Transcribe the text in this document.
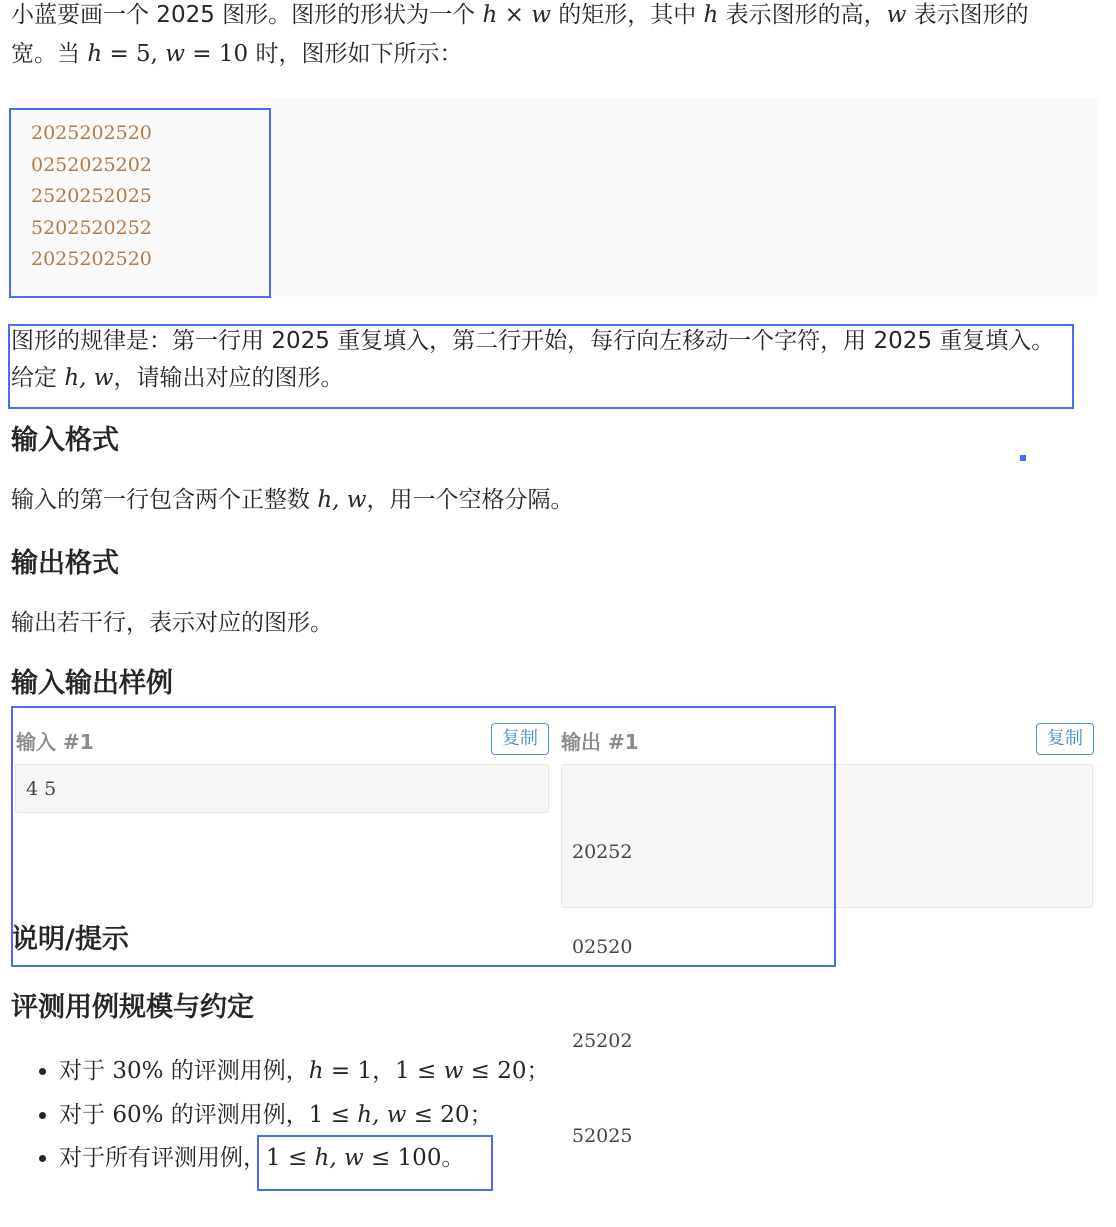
小蓝要画一个 2025 图形。图形的形状为一个 h × w 的矩形，其中 h 表示图形的高，w 表示图形的

宽。当 h = 5, w = 10 时，图形如下所示：

2025202520
0252025202
2520252025
5202520252
2025202520

图形的规律是：第一行用 2025 重复填入，第二行开始，每行向左移动一个字符，用 2025 重复填入。

给定 h, w，请输出对应的图形。

输入格式

输入的第一行包含两个正整数 h, w，用一个空格分隔。

输出格式

输出若干行，表示对应的图形。

输入输出样例
输入 #1	复制
4 5
输出 #1	复制

20252

02520

25202

52025

说明/提示
评测用例规模与约定
• 对于 30% 的评测用例，h = 1，1 ≤ w ≤ 20；
• 对于 60% 的评测用例，1 ≤ h, w ≤ 20；
• 对于所有评测用例，1 ≤ h, w ≤ 100。
